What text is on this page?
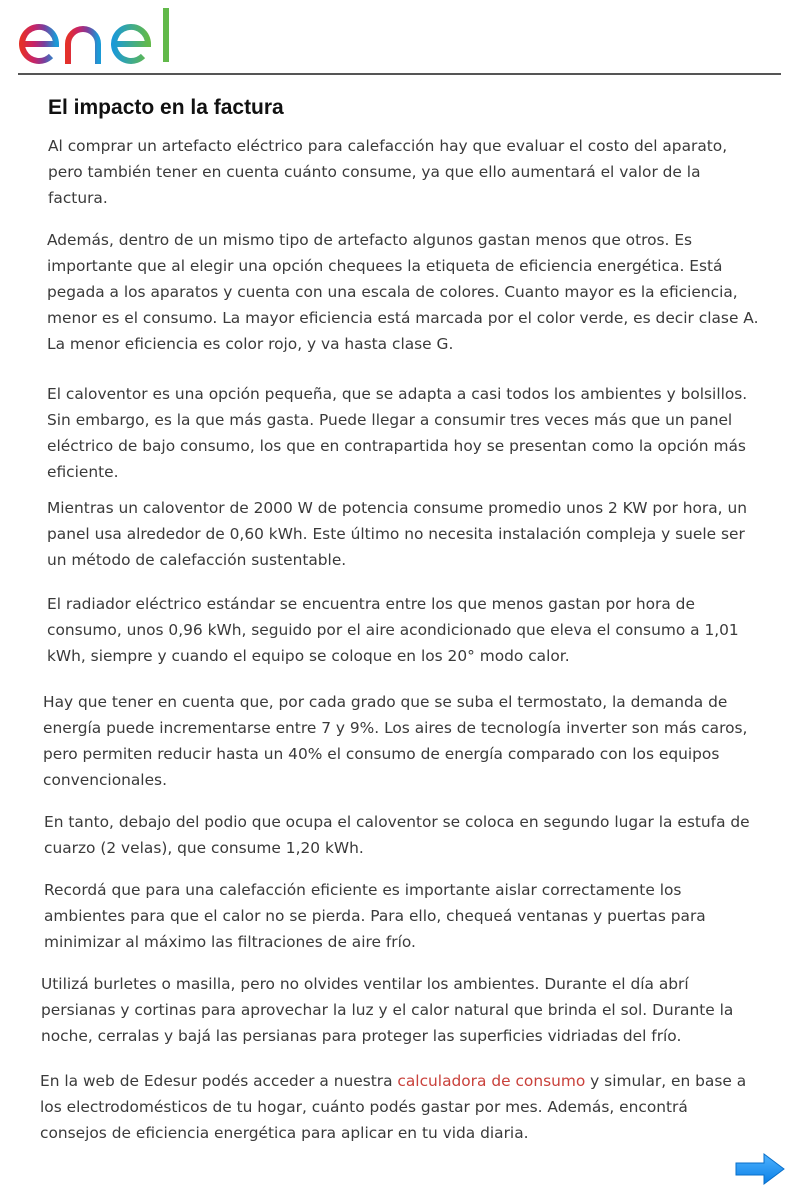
El impacto en la factura

Al comprar un artefacto eléctrico para calefacción hay que evaluar el costo del aparato, pero también tener en cuenta cuánto consume, ya que ello aumentará el valor de la factura.

Además, dentro de un mismo tipo de artefacto algunos gastan menos que otros. Es importante que al elegir una opción chequees la etiqueta de eficiencia energética. Está pegada a los aparatos y cuenta con una escala de colores. Cuanto mayor es la eficiencia, menor es el consumo. La mayor eficiencia está marcada por el color verde, es decir clase A. La menor eficiencia es color rojo, y va hasta clase G.

El caloventor es una opción pequeña, que se adapta a casi todos los ambientes y bolsillos. Sin embargo, es la que más gasta. Puede llegar a consumir tres veces más que un panel eléctrico de bajo consumo, los que en contrapartida hoy se presentan como la opción más eficiente.

Mientras un caloventor de 2000 W de potencia consume promedio unos 2 KW por hora, un panel usa alrededor de 0,60 kWh. Este último no necesita instalación compleja y suele ser un método de calefacción sustentable.

El radiador eléctrico estándar se encuentra entre los que menos gastan por hora de consumo, unos 0,96 kWh, seguido por el aire acondicionado que eleva el consumo a 1,01 kWh, siempre y cuando el equipo se coloque en los 20° modo calor.

Hay que tener en cuenta que, por cada grado que se suba el termostato, la demanda de energía puede incrementarse entre 7 y 9%. Los aires de tecnología inverter son más caros, pero permiten reducir hasta un 40% el consumo de energía comparado con los equipos convencionales.

En tanto, debajo del podio que ocupa el caloventor se coloca en segundo lugar la estufa de cuarzo (2 velas), que consume 1,20 kWh.

Recordá que para una calefacción eficiente es importante aislar correctamente los ambientes para que el calor no se pierda. Para ello, chequeá ventanas y puertas para minimizar al máximo las filtraciones de aire frío.

Utilizá burletes o masilla, pero no olvides ventilar los ambientes. Durante el día abrí persianas y cortinas para aprovechar la luz y el calor natural que brinda el sol. Durante la noche, cerralas y bajá las persianas para proteger las superficies vidriadas del frío.

En la web de Edesur podés acceder a nuestra calculadora de consumo y simular, en base a los electrodomésticos de tu hogar, cuánto podés gastar por mes. Además, encontrá consejos de eficiencia energética para aplicar en tu vida diaria.
